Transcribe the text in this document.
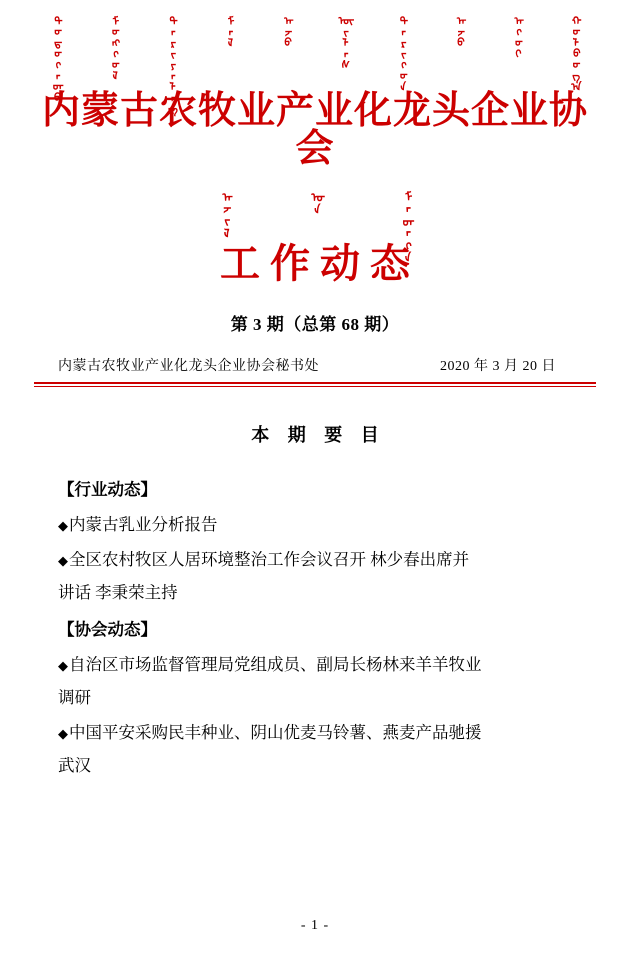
ᠳᠣᠲᠣᠭᠠᠳᠤ	ᠮᠣᠩᠭᠣᠯ	ᠲᠠᠷᠢᠶᠠᠯᠠᠩ	ᠮᠠᠯ	ᠠᠵᠤ	ᠦᠢᠯᠡᠰ	ᠲᠡᠷᠢᠭᠦᠨ	ᠠᠵᠤ	ᠠᠬᠣᠢ	ᠬᠣᠯᠪᠣᠭ᠎ᠠ
内蒙古农牧业产业化龙头企业协会
ᠠᠵᠢᠯ	ᠤᠨ	ᠮᠡᠳᠡᠭᠡ
工作动态
第 3 期（总第 68 期）
内蒙古农牧业产业化龙头企业协会秘书处	2020 年 3 月 20 日
本 期 要 目
【行业动态】
◆内蒙古乳业分析报告
◆全区农村牧区人居环境整治工作会议召开 林少春出席并
讲话 李秉荣主持
【协会动态】
◆自治区市场监督管理局党组成员、副局长杨林来羊羊牧业
调研
◆中国平安采购民丰种业、阴山优麦马铃薯、燕麦产品驰援
武汉
- 1 -
